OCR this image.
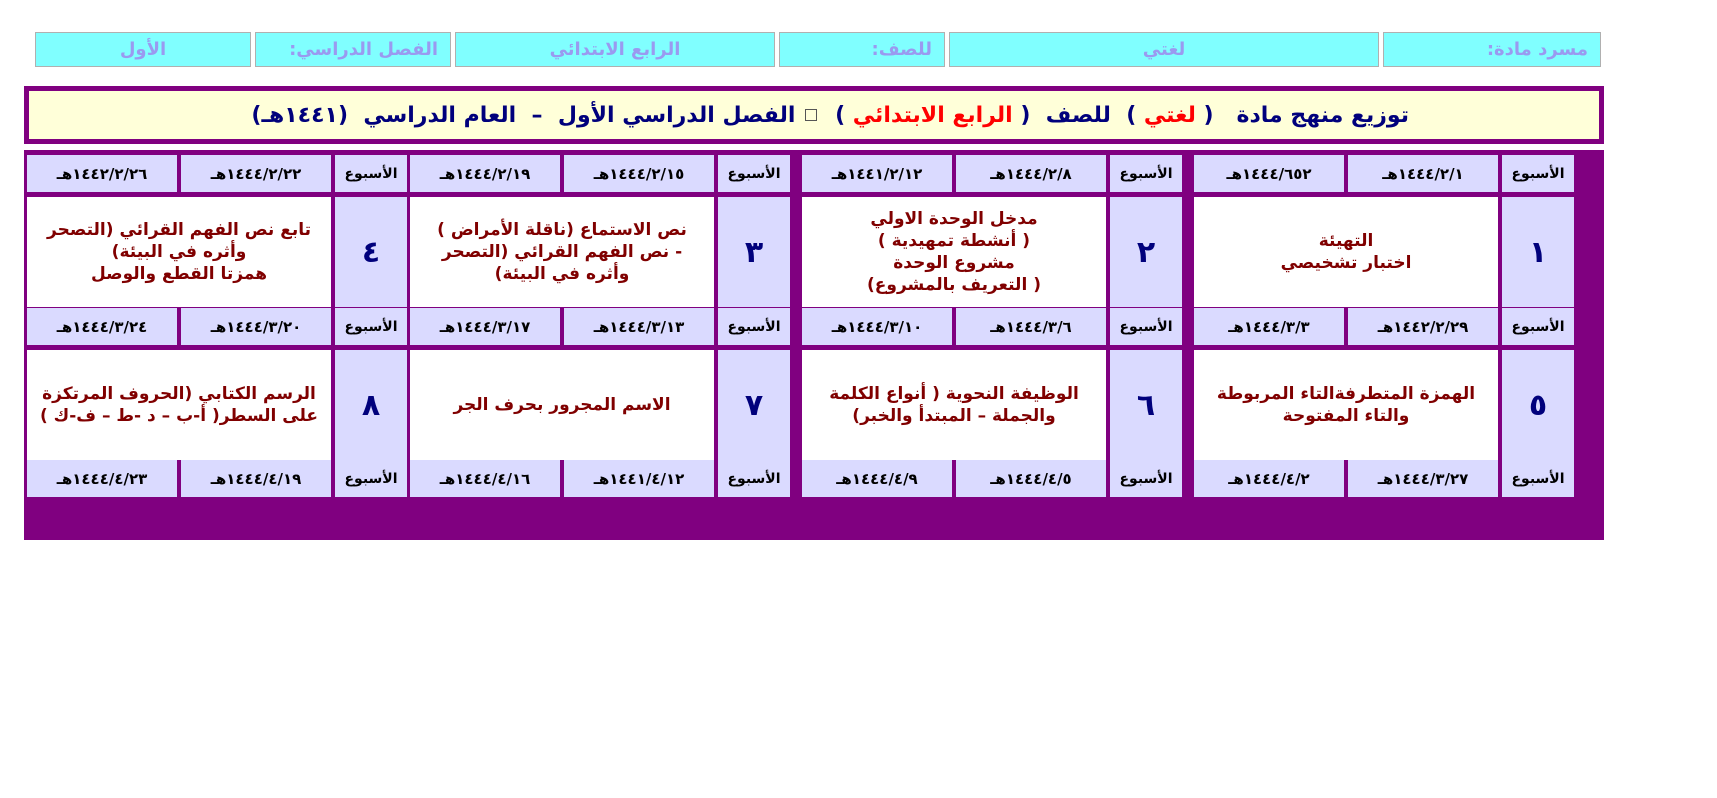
مسرد مادة:
لغتي
للصف:
الرابع الابتدائي
الفصل الدراسي:
الأول
توزيع منهج مادة   (
لغتي
)  للصف  (
الرابع الابتدائي
)
الفصل الدراسي الأول  –  العام الدراسي  (١٤٤١هـ)
الأسبوع
١٤٤٤/٢/١هـ
١٤٤٤/٦٥٢هـ
١
التهيئة
اختبار تشخيصي
الأسبوع
١٤٤٤/٢/٨هـ
١٤٤١/٢/١٢هـ
٢
مدخل الوحدة الاولي
( أنشطة تمهيدية )
مشروع الوحدة
( التعريف بالمشروع)
الأسبوع
١٤٤٤/٢/١٥هـ
١٤٤٤/٢/١٩هـ
٣
نص الاستماع (ناقلة الأمراض )
- نص الفهم القرائي (التصحر
وأثره في البيئة)
الأسبوع
١٤٤٤/٢/٢٢هـ
١٤٤٢/٢/٢٦هـ
٤
تابع نص الفهم القرائي (التصحر
وأثره في البيئة)
همزتا القطع والوصل
الأسبوع
١٤٤٢/٢/٢٩هـ
١٤٤٤/٣/٣هـ
٥
الهمزة المتطرفةالتاء المربوطة
والتاء المفتوحة
الأسبوع
١٤٤٤/٣/٦هـ
١٤٤٤/٣/١٠هـ
٦
الوظيفة النحوية ( أنواع الكلمة
والجملة – المبتدأ والخبر)
الأسبوع
١٤٤٤/٣/١٣هـ
١٤٤٤/٣/١٧هـ
٧
الاسم المجرور بحرف الجر
الأسبوع
١٤٤٤/٣/٢٠هـ
١٤٤٤/٣/٢٤هـ
٨
الرسم الكتابي (الحروف المرتكزة
على السطر( أ-ب – د -ط – ف-ك )
الأسبوع
١٤٤٤/٣/٢٧هـ
١٤٤٤/٤/٢هـ
الأسبوع
١٤٤٤/٤/٥هـ
١٤٤٤/٤/٩هـ
الأسبوع
١٤٤١/٤/١٢هـ
١٤٤٤/٤/١٦هـ
الأسبوع
١٤٤٤/٤/١٩هـ
١٤٤٤/٤/٢٣هـ
